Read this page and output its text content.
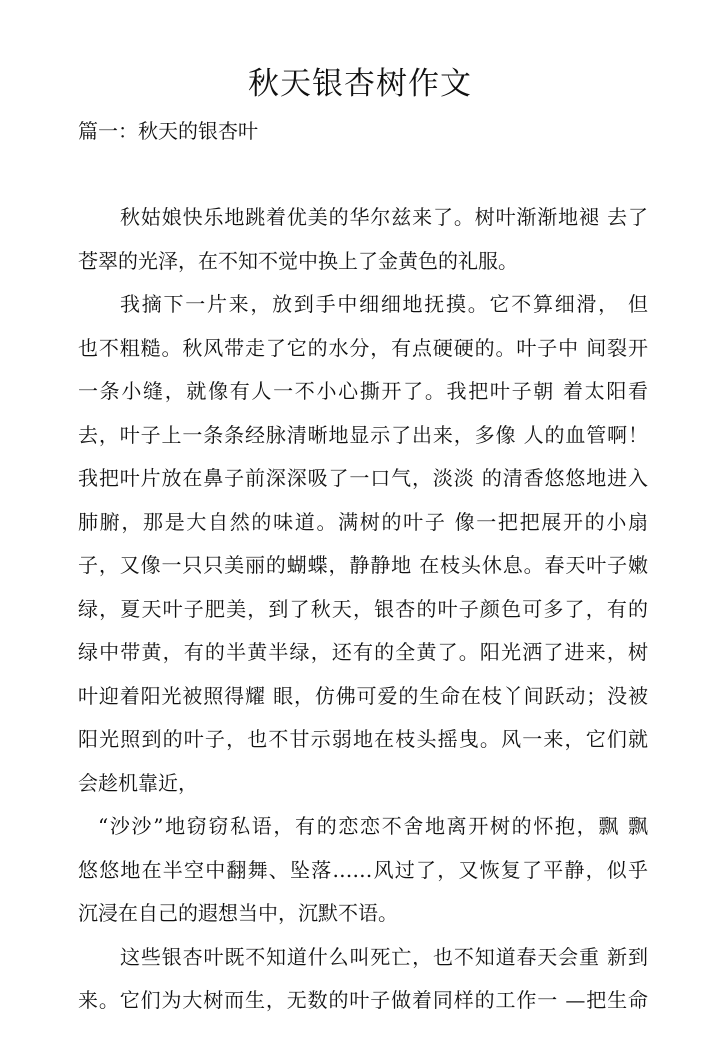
秋天银杏树作文
篇一：秋天的银杏叶
秋姑娘快乐地跳着优美的华尔兹来了。树叶渐渐地褪 去了
苍翠的光泽，在不知不觉中换上了金黄色的礼服。
我摘下一片来，放到手中细细地抚摸。它不算细滑， 但
也不粗糙。秋风带走了它的水分，有点硬硬的。叶子中 间裂开
一条小缝，就像有人一不小心撕开了。我把叶子朝 着太阳看
去，叶子上一条条经脉清晰地显示了出来，多像 人的血管啊！
我把叶片放在鼻子前深深吸了一口气，淡淡 的清香悠悠地进入
肺腑，那是大自然的味道。满树的叶子 像一把把展开的小扇
子，又像一只只美丽的蝴蝶，静静地 在枝头休息。春天叶子嫩
绿，夏天叶子肥美，到了秋天，银杏的叶子颜色可多了，有的
绿中带黄，有的半黄半绿，还有的全黄了。阳光洒了进来，树
叶迎着阳光被照得耀 眼，仿佛可爱的生命在枝丫间跃动；没被
阳光照到的叶子，也不甘示弱地在枝头摇曳。风一来，它们就
会趁机靠近，
“沙沙”地窃窃私语，有的恋恋不舍地离开树的怀抱，飘 飘
悠悠地在半空中翻舞、坠落……风过了，又恢复了平静，似乎
沉浸在自己的遐想当中，沉默不语。
这些银杏叶既不知道什么叫死亡，也不知道春天会重 新到
来。它们为大树而生，无数的叶子做着同样的工作一 —把生命
